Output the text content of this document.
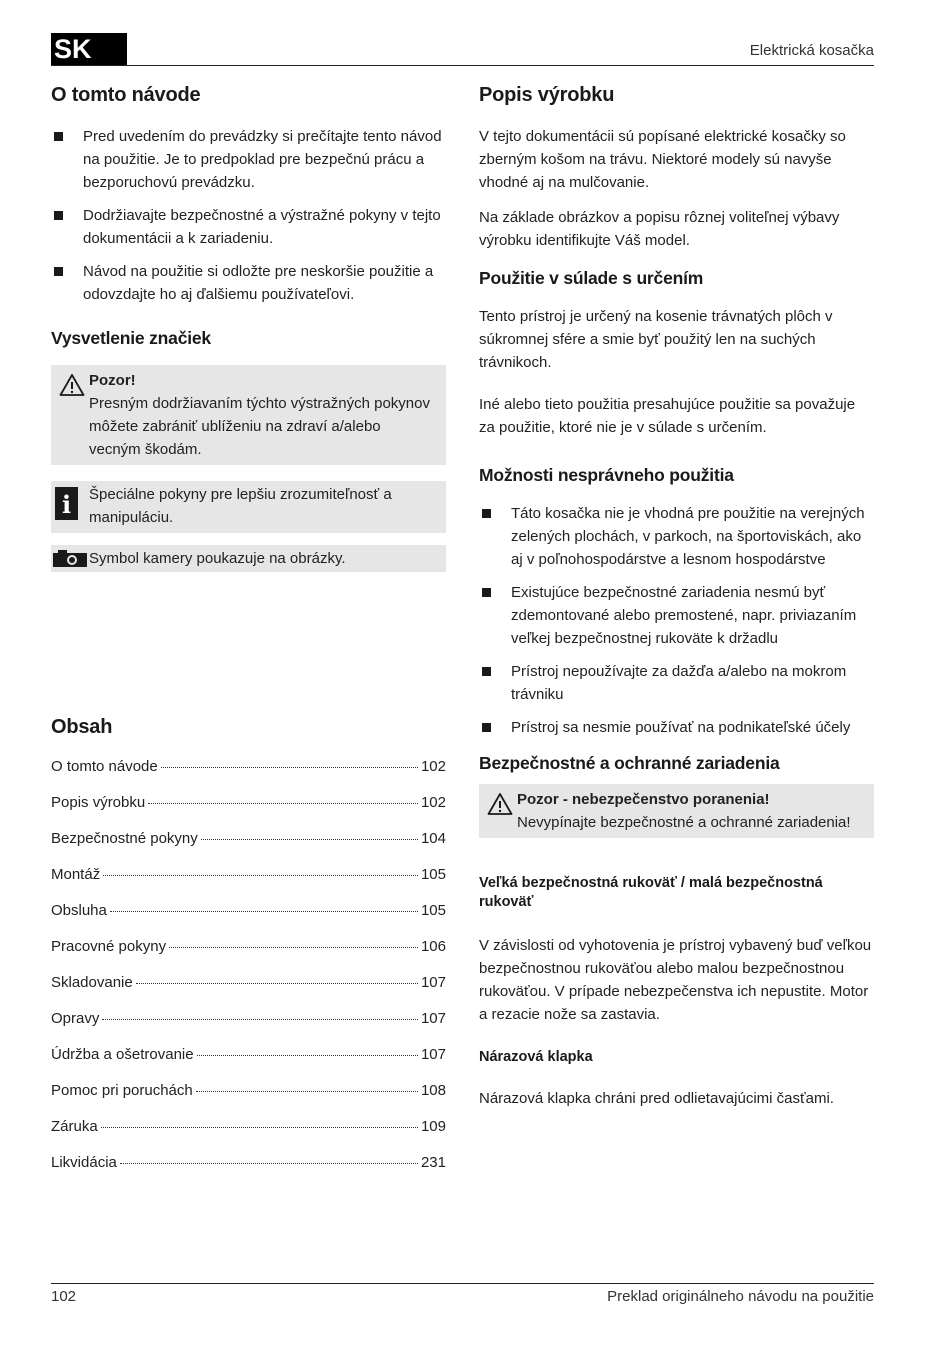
SK	Elektrická kosačka
102	Preklad originálneho návodu na použitie
O tomto návode
Pred uvedením do prevádzky si prečítajte tento návod na použitie. Je to predpoklad pre bezpečnú prácu a bezporuchovú prevádzku.
Dodržiavajte bezpečnostné a výstražné pokyny v tejto dokumentácii a k zariadeniu.
Návod na použitie si odložte pre neskoršie použitie a odovzdajte ho aj ďalšiemu používateľovi.
Vysvetlenie značiek
Pozor!

Presným dodržiavaním týchto výstražných pokynov môžete zabrániť ublíženiu na zdraví a/alebo vecným škodám.

i	Špeciálne pokyny pre lepšiu zrozumiteľnosť a manipuláciu.

Symbol kamery poukazuje na obrázky.

Obsah
O tomto návode	102
Popis výrobku	102
Bezpečnostné pokyny	104
Montáž	105
Obsluha	105
Pracovné pokyny	106
Skladovanie	107
Opravy	107
Údržba a ošetrovanie	107
Pomoc pri poruchách	108
Záruka	109
Likvidácia	231
Popis výrobku

V tejto dokumentácii sú popísané elektrické kosačky so zberným košom na trávu. Niektoré modely sú navyše vhodné aj na mulčovanie.

Na základe obrázkov a popisu rôznej voliteľnej výbavy výrobku identifikujte Váš model.

Použitie v súlade s určením

Tento prístroj je určený na kosenie trávnatých plôch v súkromnej sfére a smie byť použitý len na suchých trávnikoch.

Iné alebo tieto použitia presahujúce použitie sa považuje za použitie, ktoré nie je v súlade s určením.

Možnosti nesprávneho použitia
Táto kosačka nie je vhodná pre použitie na verejných zelených plochách, v parkoch, na športoviskách, ako aj v poľnohospodárstve a lesnom hospodárstve
Existujúce bezpečnostné zariadenia nesmú byť zdemontované alebo premostené, napr. priviazaním veľkej bezpečnostnej rukoväte k držadlu
Prístroj nepoužívajte za dažďa a/alebo na mokrom trávniku
Prístroj sa nesmie používať na podnikateľské účely
Bezpečnostné a ochranné zariadenia
Pozor - nebezpečenstvo poranenia!

Nevypínajte bezpečnostné a ochranné zariadenia!

Veľká bezpečnostná rukoväť / malá bezpečnostná rukoväť

V závislosti od vyhotovenia je prístroj vybavený buď veľkou bezpečnostnou rukoväťou alebo malou bezpečnostnou rukoväťou. V prípade nebezpečenstva ich nepustite. Motor a rezacie nože sa zastavia.

Nárazová klapka

Nárazová klapka chráni pred odlietavajúcimi časťami.
